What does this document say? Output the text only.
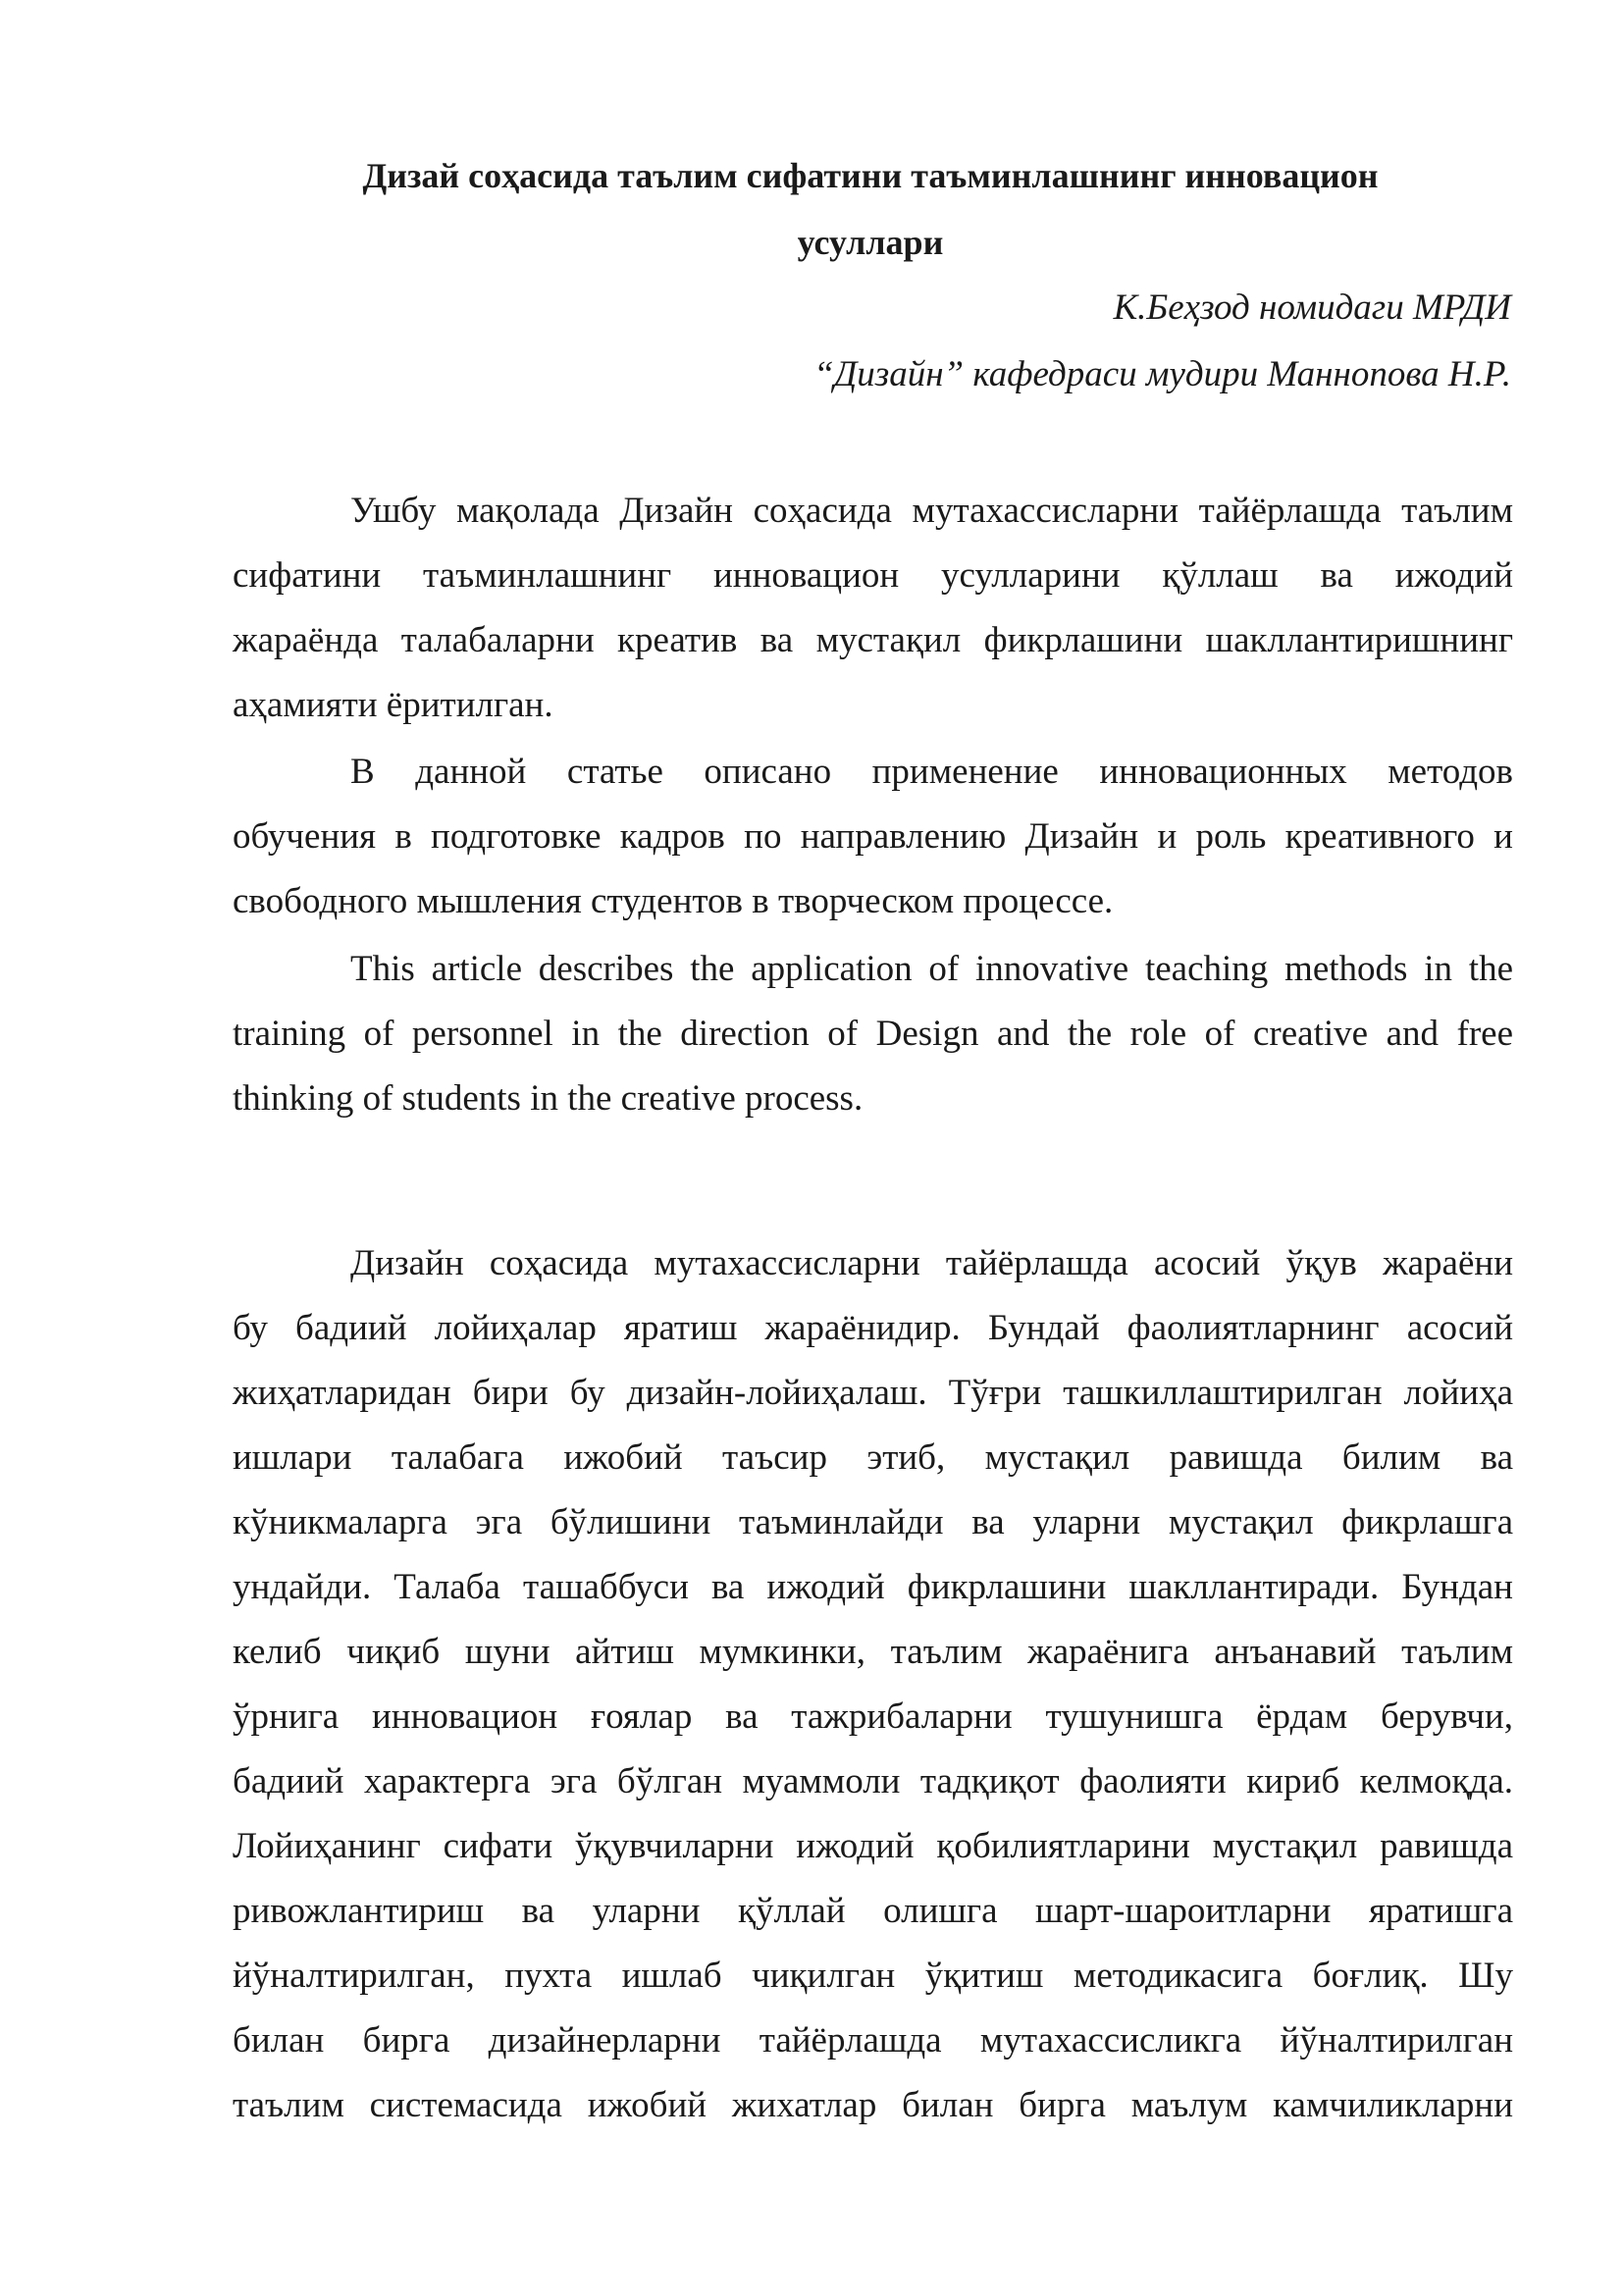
Дизай соҳасида таълим сифатини таъминлашнинг инновацион
усуллари

К.Беҳзод номидаги МРДИ

“Дизайн” кафедраси мудири Маннопова Н.Р.

Ушбу мақолада Дизайн соҳасида мутахассисларни тайёрлашда таълим
сифатини таъминлашнинг инновацион усулларини қўллаш ва ижодий
жараёнда талабаларни креатив ва мустақил фикрлашини шакллантиришнинг
аҳамияти ёритилган.
В данной статье описано применение инновационных методов
обучения в подготовке кадров по направлению Дизайн и роль креативного и
свободного мышления студентов в творческом процессе.
This article describes the application of innovative teaching methods in the
training of personnel in the direction of Design and the role of creative and free
thinking of students in the creative process.
Дизайн соҳасида мутахассисларни тайёрлашда асосий ўқув жараёни
бу бадиий лойиҳалар яратиш жараёнидир. Бундай фаолиятларнинг асосий
жиҳатларидан бири бу дизайн-лойиҳалаш. Тўғри ташкиллаштирилган лойиҳа
ишлари талабага ижобий таъсир этиб, мустақил равишда билим ва
кўникмаларга эга бўлишини таъминлайди ва уларни мустақил фикрлашга
ундайди. Талаба ташаббуси ва ижодий фикрлашини шакллантиради. Бундан
келиб чиқиб шуни айтиш мумкинки, таълим жараёнига анъанавий таълим
ўрнига инновацион ғоялар ва тажрибаларни тушунишга ёрдам берувчи,
бадиий характерга эга бўлган муаммоли тадқиқот фаолияти кириб келмоқда.
Лойиҳанинг сифати ўқувчиларни ижодий қобилиятларини мустақил равишда
ривожлантириш ва уларни қўллай олишга шарт-шароитларни яратишга
йўналтирилган, пухта ишлаб чиқилган ўқитиш методикасига боғлиқ. Шу
билан бирга дизайнерларни тайёрлашда мутахассисликга йўналтирилган
таълим системасида ижобий жихатлар билан бирга маълум камчиликларни
